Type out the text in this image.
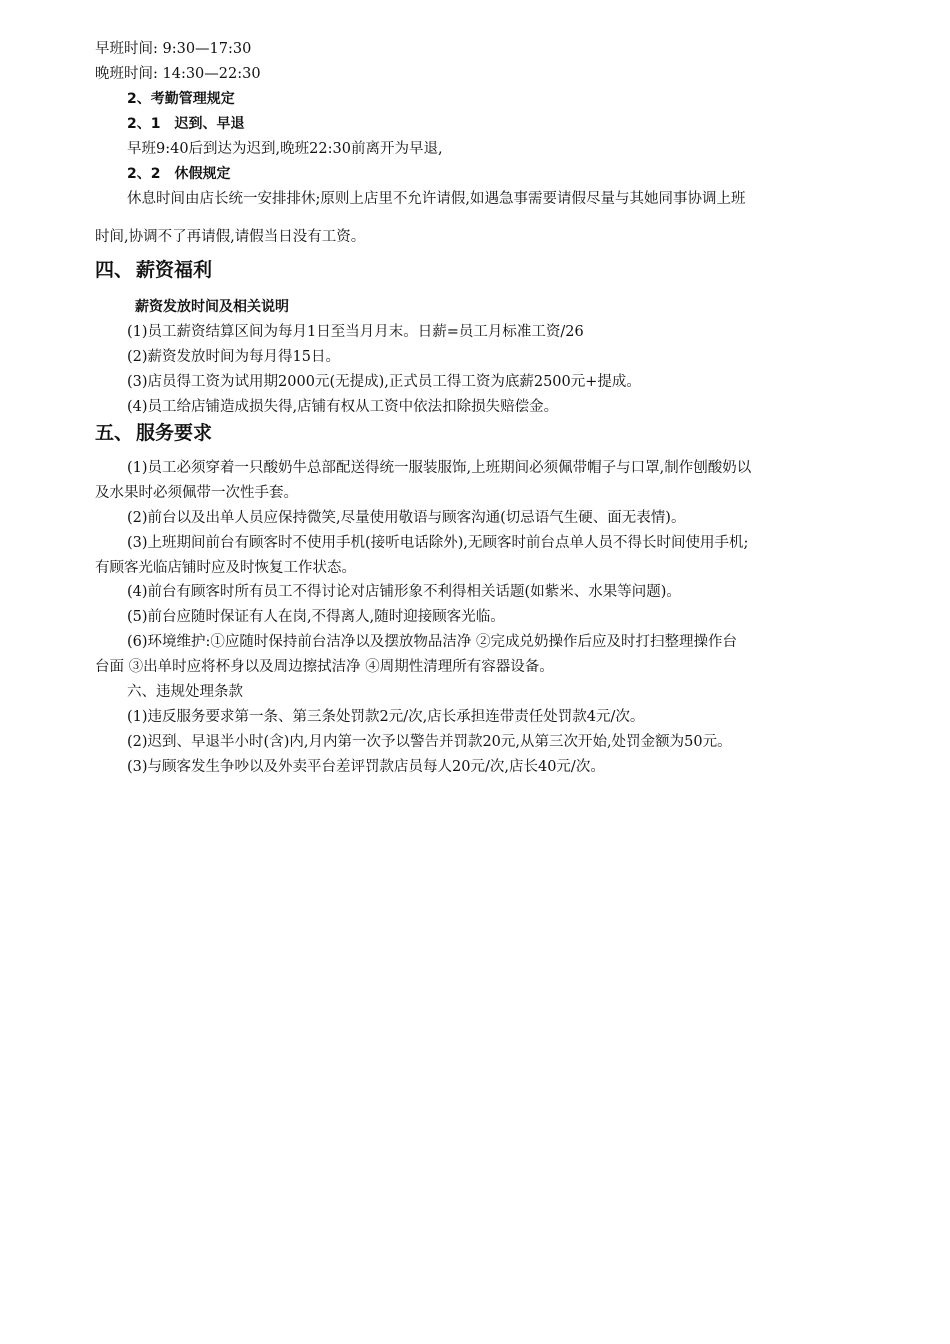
早班时间: 9:30—17:30
晚班时间: 14:30—22:30
2、考勤管理规定
2、1　迟到、早退
早班9:40后到达为迟到,晚班22:30前离开为早退,
2、2　休假规定
休息时间由店长统一安排排休;原则上店里不允许请假,如遇急事需要请假尽量与其她同事协调上班
时间,协调不了再请假,请假当日没有工资。
四、 薪资福利
薪资发放时间及相关说明
(1)员工薪资结算区间为每月1日至当月月末。日薪=员工月标准工资/26
(2)薪资发放时间为每月得15日。
(3)店员得工资为试用期2000元(无提成),正式员工得工资为底薪2500元+提成。
(4)员工给店铺造成损失得,店铺有权从工资中依法扣除损失赔偿金。
五、 服务要求
(1)员工必须穿着一只酸奶牛总部配送得统一服装服饰,上班期间必须佩带帽子与口罩,制作刨酸奶以
及水果时必须佩带一次性手套。
(2)前台以及出单人员应保持微笑,尽量使用敬语与顾客沟通(切忌语气生硬、面无表情)。
(3)上班期间前台有顾客时不使用手机(接听电话除外),无顾客时前台点单人员不得长时间使用手机;
有顾客光临店铺时应及时恢复工作状态。
(4)前台有顾客时所有员工不得讨论对店铺形象不利得相关话题(如紫米、水果等问题)。
(5)前台应随时保证有人在岗,不得离人,随时迎接顾客光临。
(6)环境维护:①应随时保持前台洁净以及摆放物品洁净 ②完成兑奶操作后应及时打扫整理操作台
台面 ③出单时应将杯身以及周边擦拭洁净 ④周期性清理所有容器设备。
六、违规处理条款
(1)违反服务要求第一条、第三条处罚款2元/次,店长承担连带责任处罚款4元/次。
(2)迟到、早退半小时(含)内,月内第一次予以警告并罚款20元,从第三次开始,处罚金额为50元。
(3)与顾客发生争吵以及外卖平台差评罚款店员每人20元/次,店长40元/次。
